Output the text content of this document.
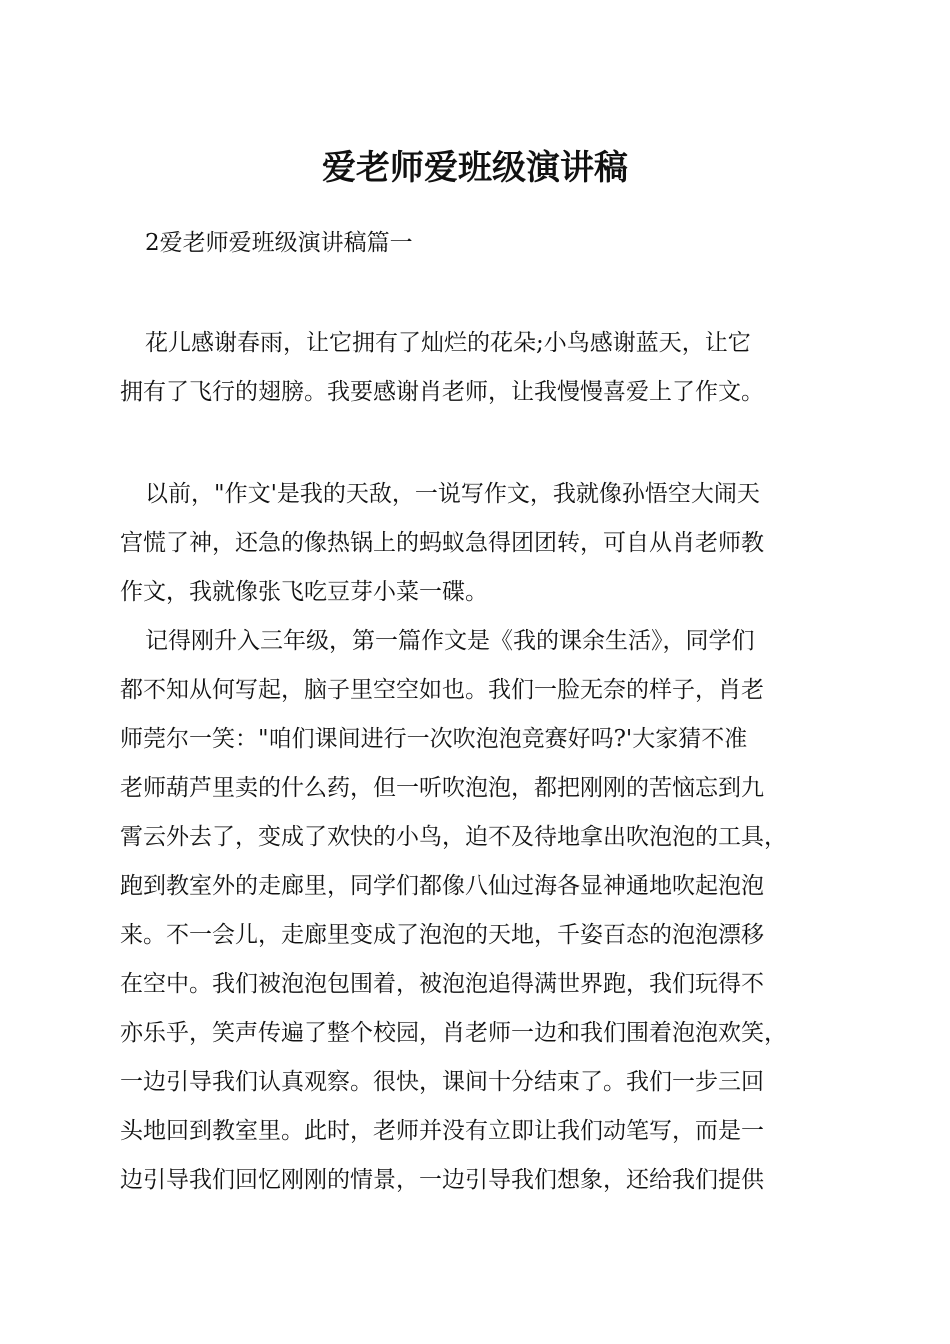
爱老师爱班级演讲稿

2爱老师爱班级演讲稿篇一

花儿感谢春雨，让它拥有了灿烂的花朵;小鸟感谢蓝天，让它

拥有了飞行的翅膀。我要感谢肖老师，让我慢慢喜爱上了作文。

以前，"作文'是我的天敌，一说写作文，我就像孙悟空大闹天

宫慌了神，还急的像热锅上的蚂蚁急得团团转，可自从肖老师教

作文，我就像张飞吃豆芽小菜一碟。

记得刚升入三年级，第一篇作文是《我的课余生活》，同学们

都不知从何写起，脑子里空空如也。我们一脸无奈的样子，肖老

师莞尔一笑："咱们课间进行一次吹泡泡竞赛好吗?'大家猜不准

老师葫芦里卖的什么药，但一听吹泡泡，都把刚刚的苦恼忘到九

霄云外去了，变成了欢快的小鸟，迫不及待地拿出吹泡泡的工具，

跑到教室外的走廊里，同学们都像八仙过海各显神通地吹起泡泡

来。不一会儿，走廊里变成了泡泡的天地，千姿百态的泡泡漂移

在空中。我们被泡泡包围着，被泡泡追得满世界跑，我们玩得不

亦乐乎，笑声传遍了整个校园，肖老师一边和我们围着泡泡欢笑，

一边引导我们认真观察。很快，课间十分结束了。我们一步三回

头地回到教室里。此时，老师并没有立即让我们动笔写，而是一

边引导我们回忆刚刚的情景，一边引导我们想象，还给我们提供
